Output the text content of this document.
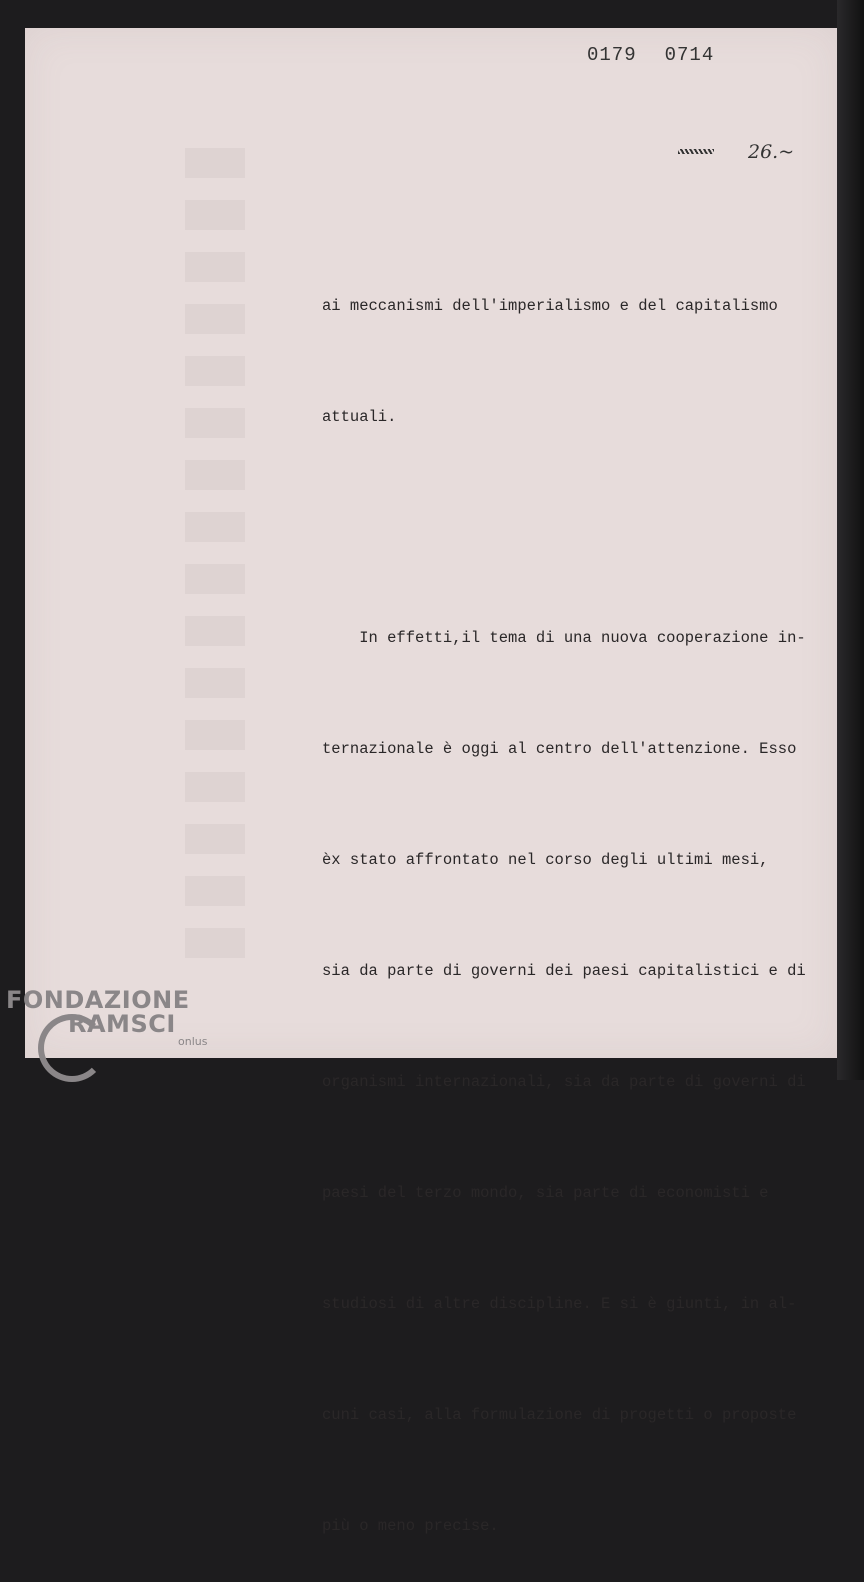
0179 0714
26.~

ai meccanismi dell'imperialismo e del capitalismo

attuali.

In effetti,il tema di una nuova cooperazione in-

ternazionale è oggi al centro dell'attenzione. Esso

èx stato affrontato nel corso degli ultimi mesi,

sia da parte di governi dei paesi capitalistici e di

organismi internazionali, sia da parte di governi di

paesi del terzo mondo, sia parte di economisti e

studiosi di altre discipline. E si è giunti, in al-

cuni casi, alla formulazione di progetti o proposte

più o meno precise.

FONDAZIONE
RAMSCI
onlus
